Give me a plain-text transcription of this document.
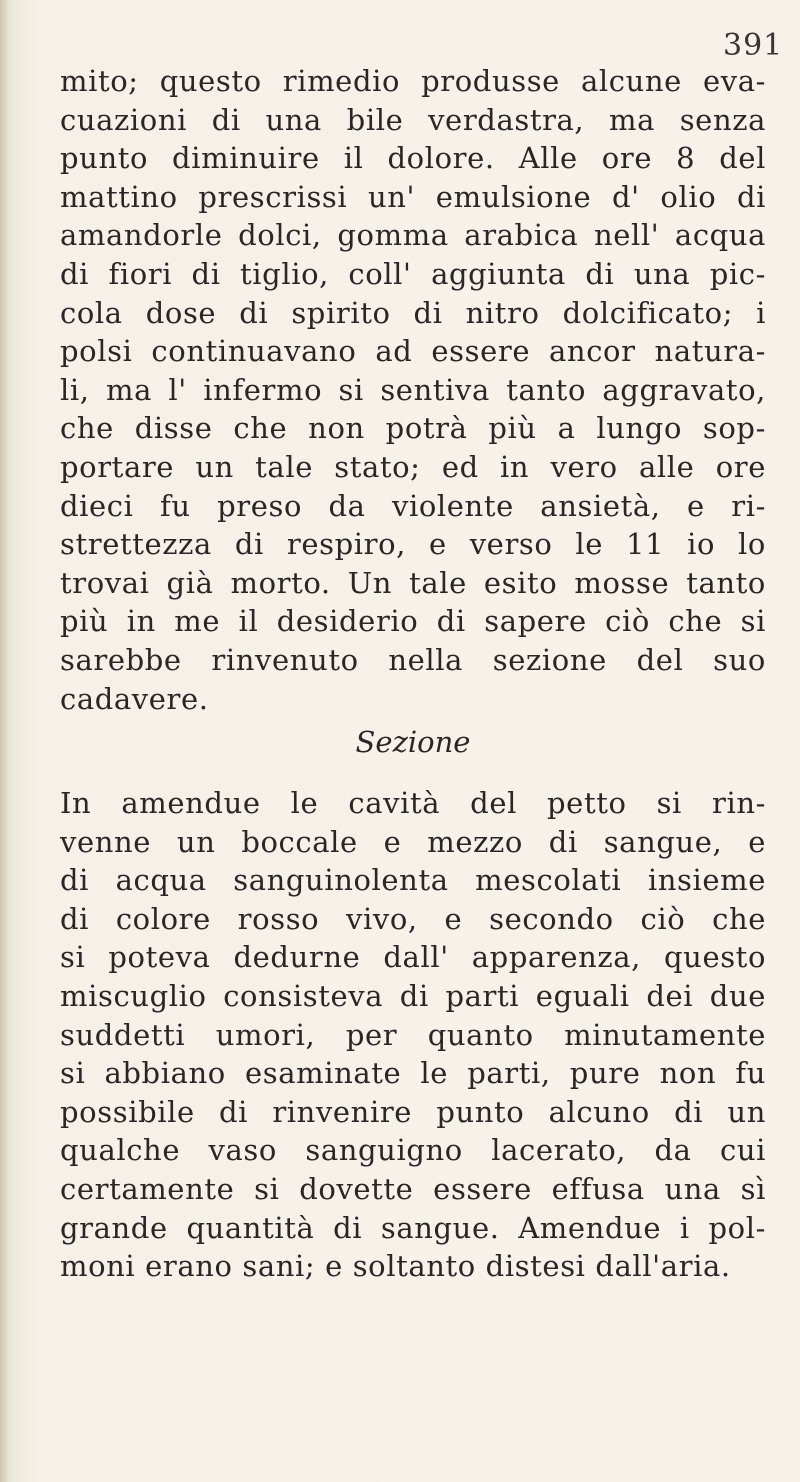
391
mito; questo rimedio produsse alcune eva-
cuazioni di una bile verdastra, ma senza
punto diminuire il dolore. Alle ore 8 del
mattino prescrissi un' emulsione d' olio di
amandorle dolci, gomma arabica nell' acqua
di fiori di tiglio, coll' aggiunta di una pic-
cola dose di spirito di nitro dolcificato; i
polsi continuavano ad essere ancor natura-
li, ma l' infermo si sentiva tanto aggravato,
che disse che non potrà più a lungo sop-
portare un tale stato; ed in vero alle ore
dieci fu preso da violente ansietà, e ri-
strettezza di respiro, e verso le 11 io lo
trovai già morto. Un tale esito mosse tanto
più in me il desiderio di sapere ciò che si
sarebbe rinvenuto nella sezione del suo
cadavere.
Sezione
In amendue le cavità del petto si rin-
venne un boccale e mezzo di sangue, e
di acqua sanguinolenta mescolati insieme
di colore rosso vivo, e secondo ciò che
si poteva dedurne dall' apparenza, questo
miscuglio consisteva di parti eguali dei due
suddetti umori, per quanto minutamente
si abbiano esaminate le parti, pure non fu
possibile di rinvenire punto alcuno di un
qualche vaso sanguigno lacerato, da cui
certamente si dovette essere effusa una sì
grande quantità di sangue. Amendue i pol-
moni erano sani; e soltanto distesi dall'aria.
